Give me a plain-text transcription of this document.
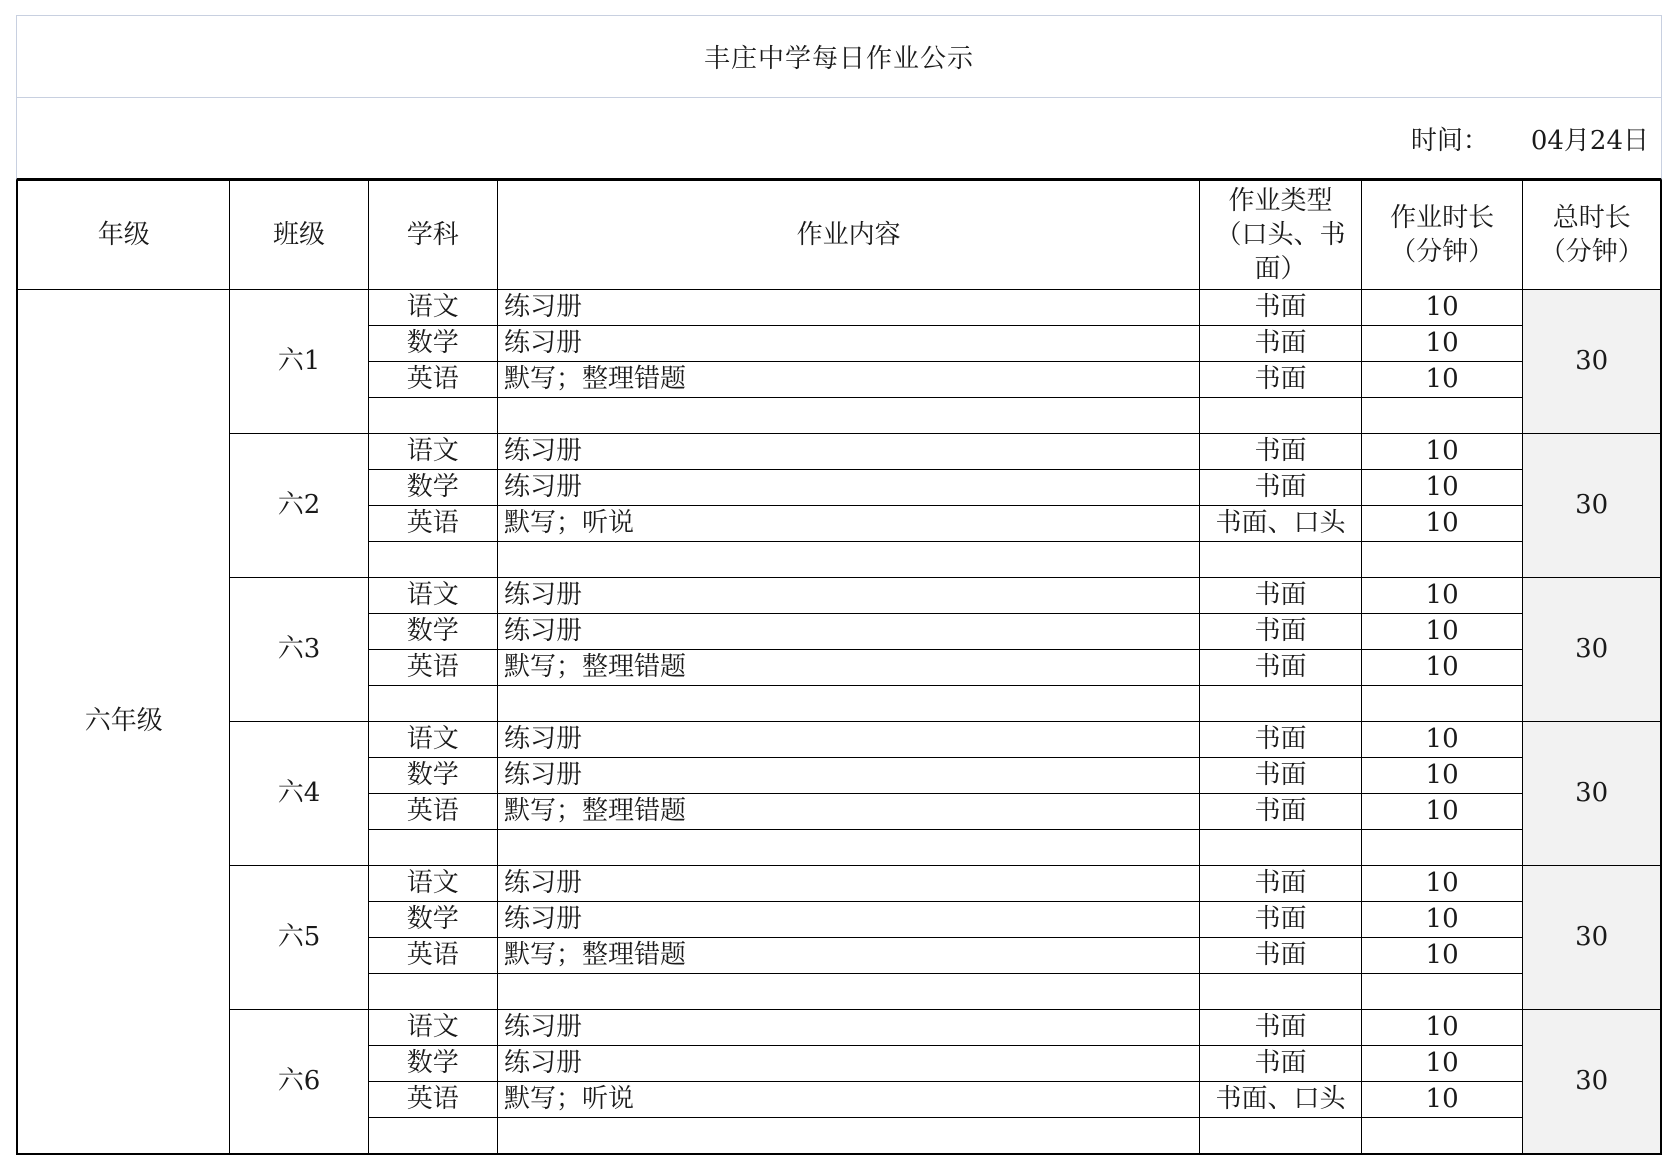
丰庄中学每日作业公示
时间： 04月24日
年级	班级	学科	作业内容	作业类型（口头、书面）	作业时长（分钟）	总时长（分钟）
六年级	六1	语文	练习册	书面	10	30
		数学	练习册	书面	10	
		英语	默写；整理错题	书面	10	

	六2	语文	练习册	书面	10	30
		数学	练习册	书面	10	
		英语	默写；听说	书面、口头	10	

	六3	语文	练习册	书面	10	30
		数学	练习册	书面	10	
		英语	默写；整理错题	书面	10	

	六4	语文	练习册	书面	10	30
		数学	练习册	书面	10	
		英语	默写；整理错题	书面	10	

	六5	语文	练习册	书面	10	30
		数学	练习册	书面	10	
		英语	默写；整理错题	书面	10	

	六6	语文	练习册	书面	10	30
		数学	练习册	书面	10	
		英语	默写；听说	书面、口头	10	
